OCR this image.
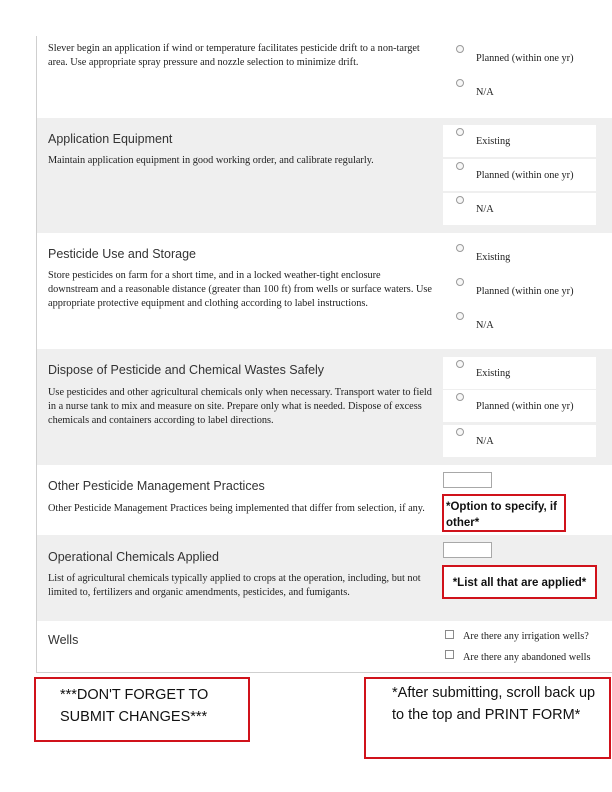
Slever begin an application if wind or temperature facilitates pesticide drift to a non-target area. Use appropriate spray pressure and nozzle selection to minimize drift.	Planned (within one yr)
N/A
Application Equipment
Maintain application equipment in good working order, and calibrate regularly.
Existing
Planned (within one yr)
N/A
Pesticide Use and Storage
Store pesticides on farm for a short time, and in a locked weather-tight enclosure downstream and a reasonable distance (greater than 100 ft) from wells or surface waters. Use appropriate protective equipment and clothing according to label instructions.
Existing
Planned (within one yr)
N/A
Dispose of Pesticide and Chemical Wastes Safely
Use pesticides and other agricultural chemicals only when necessary. Transport water to field in a nurse tank to mix and measure on site. Prepare only what is needed. Dispose of excess chemicals and containers according to label directions.
Existing
Planned (within one yr)
N/A
Other Pesticide Management Practices
Other Pesticide Management Practices being implemented that differ from selection, if any.
Operational Chemicals Applied
List of agricultural chemicals typically applied to crops at the operation, including, but not limited to, fertilizers and organic amendments, pesticides, and fumigants.
Wells	Are there any irrigation wells?
Are there any abandoned wells
*Option to specify, if other*
*List all that are applied*
***DON'T FORGET TO SUBMIT CHANGES***
*After submitting, scroll back up to the top and PRINT FORM*
